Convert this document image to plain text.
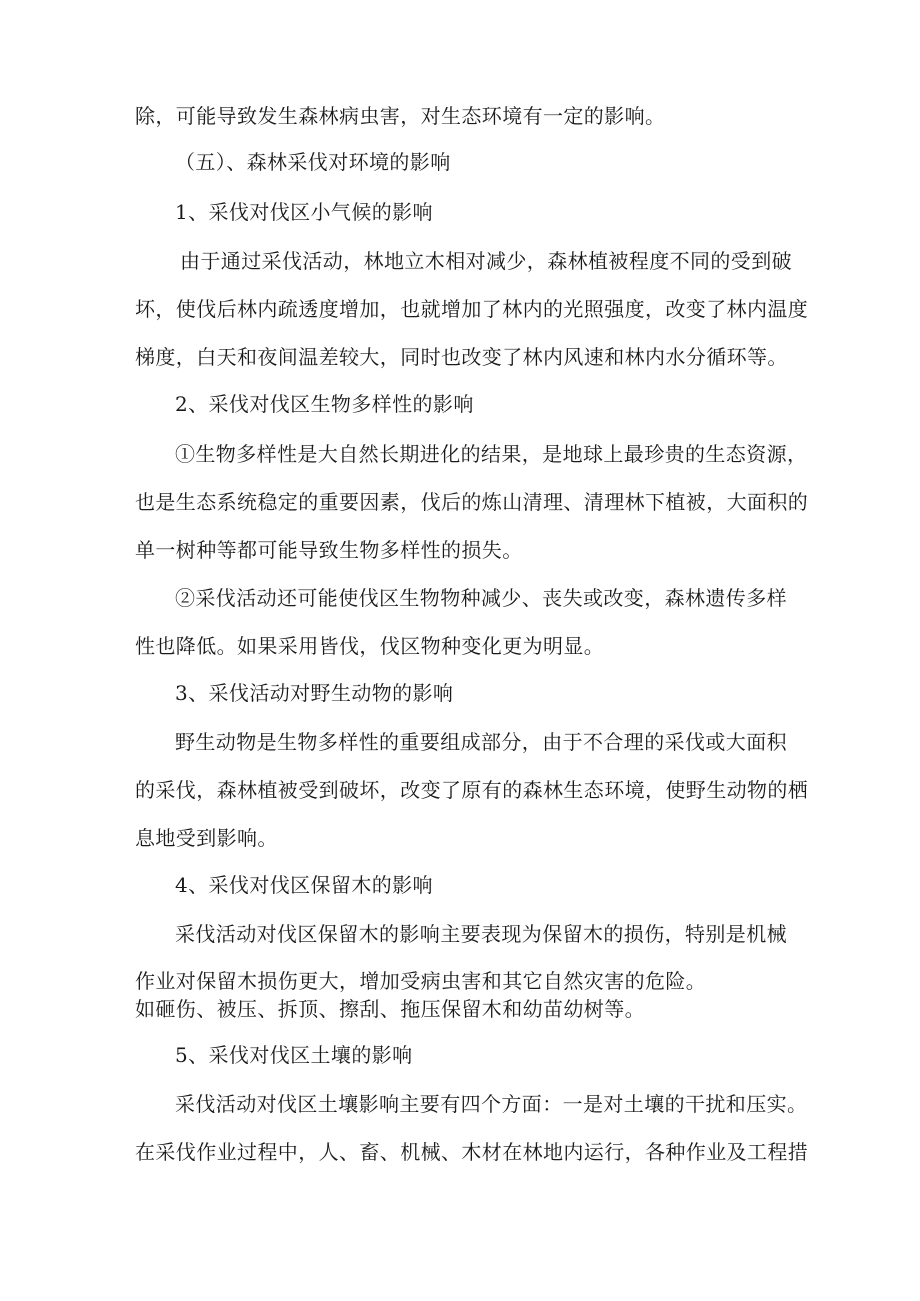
除，可能导致发生森林病虫害，对生态环境有一定的影响。
（五）、森林采伐对环境的影响
1、采伐对伐区小气候的影响
由于通过采伐活动，林地立木相对减少，森林植被程度不同的受到破
坏，使伐后林内疏透度增加，也就增加了林内的光照强度，改变了林内温度
梯度，白天和夜间温差较大，同时也改变了林内风速和林内水分循环等。
2、采伐对伐区生物多样性的影响
①生物多样性是大自然长期进化的结果，是地球上最珍贵的生态资源，
也是生态系统稳定的重要因素，伐后的炼山清理、清理林下植被，大面积的
单一树种等都可能导致生物多样性的损失。
②采伐活动还可能使伐区生物物种减少、丧失或改变，森林遗传多样
性也降低。如果采用皆伐，伐区物种变化更为明显。
3、采伐活动对野生动物的影响
野生动物是生物多样性的重要组成部分，由于不合理的采伐或大面积
的采伐，森林植被受到破坏，改变了原有的森林生态环境，使野生动物的栖
息地受到影响。
4、采伐对伐区保留木的影响
采伐活动对伐区保留木的影响主要表现为保留木的损伤，特别是机械
作业对保留木损伤更大，增加受病虫害和其它自然灾害的危险。
如砸伤、被压、拆顶、擦刮、拖压保留木和幼苗幼树等。
5、采伐对伐区土壤的影响
采伐活动对伐区土壤影响主要有四个方面：一是对土壤的干扰和压实。
在采伐作业过程中，人、畜、机械、木材在林地内运行，各种作业及工程措
